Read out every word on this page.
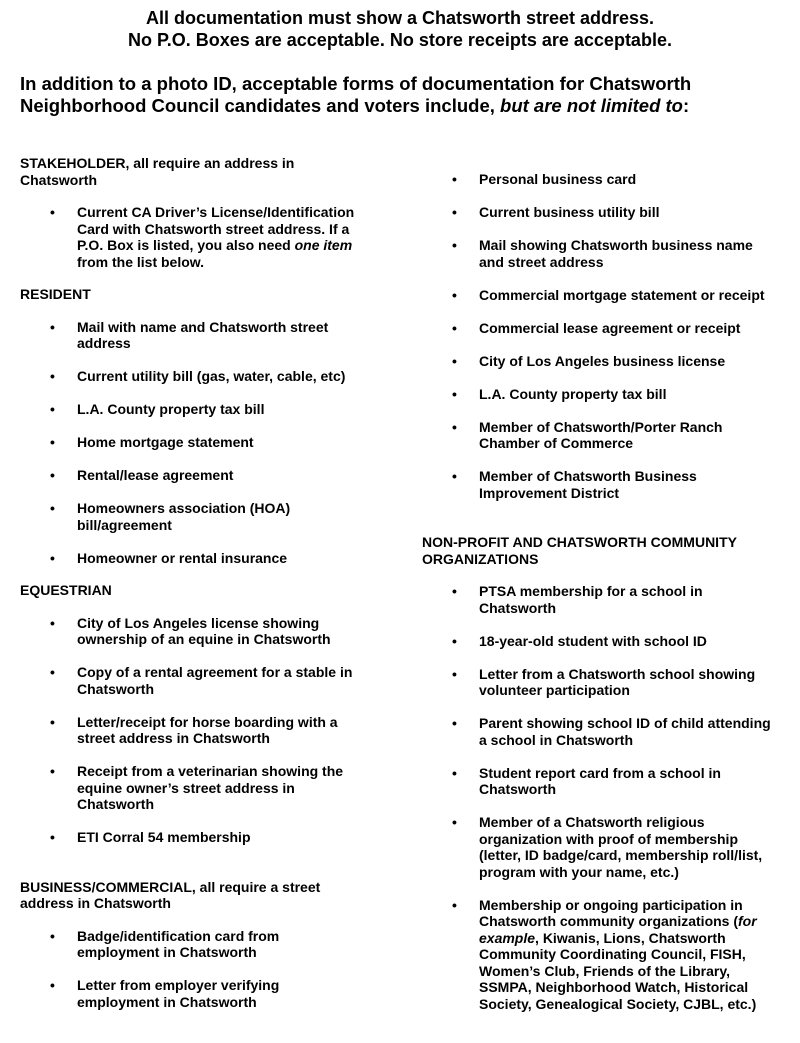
All documentation must show a Chatsworth street address.
No P.O. Boxes are acceptable. No store receipts are acceptable.
In addition to a photo ID, acceptable forms of documentation for Chatsworth Neighborhood Council candidates and voters include, but are not limited to:
STAKEHOLDER, all require an address in Chatsworth
• Current CA Driver’s License/Identification Card with Chatsworth street address. If a P.O. Box is listed, you also need one item from the list below.
RESIDENT
• Mail with name and Chatsworth street address
• Current utility bill (gas, water, cable, etc)
• L.A. County property tax bill
• Home mortgage statement
• Rental/lease agreement
• Homeowners association (HOA) bill/agreement
• Homeowner or rental insurance
EQUESTRIAN
• City of Los Angeles license showing ownership of an equine in Chatsworth
• Copy of a rental agreement for a stable in Chatsworth
• Letter/receipt for horse boarding with a street address in Chatsworth
• Receipt from a veterinarian showing the equine owner’s street address in Chatsworth
• ETI Corral 54 membership
BUSINESS/COMMERCIAL, all require a street address in Chatsworth
• Badge/identification card from employment in Chatsworth
• Letter from employer verifying employment in Chatsworth
• Personal business card
• Current business utility bill
• Mail showing Chatsworth business name and street address
• Commercial mortgage statement or receipt
• Commercial lease agreement or receipt
• City of Los Angeles business license
• L.A. County property tax bill
• Member of Chatsworth/Porter Ranch Chamber of Commerce
• Member of Chatsworth Business Improvement District
NON-PROFIT AND CHATSWORTH COMMUNITY ORGANIZATIONS
• PTSA membership for a school in Chatsworth
• 18-year-old student with school ID
• Letter from a Chatsworth school showing volunteer participation
• Parent showing school ID of child attending a school in Chatsworth
• Student report card from a school in Chatsworth
• Member of a Chatsworth religious organization with proof of membership (letter, ID badge/card, membership roll/list, program with your name, etc.)
• Membership or ongoing participation in Chatsworth community organizations (for example, Kiwanis, Lions, Chatsworth Community Coordinating Council, FISH, Women’s Club, Friends of the Library, SSMPA, Neighborhood Watch, Historical Society, Genealogical Society, CJBL, etc.)
